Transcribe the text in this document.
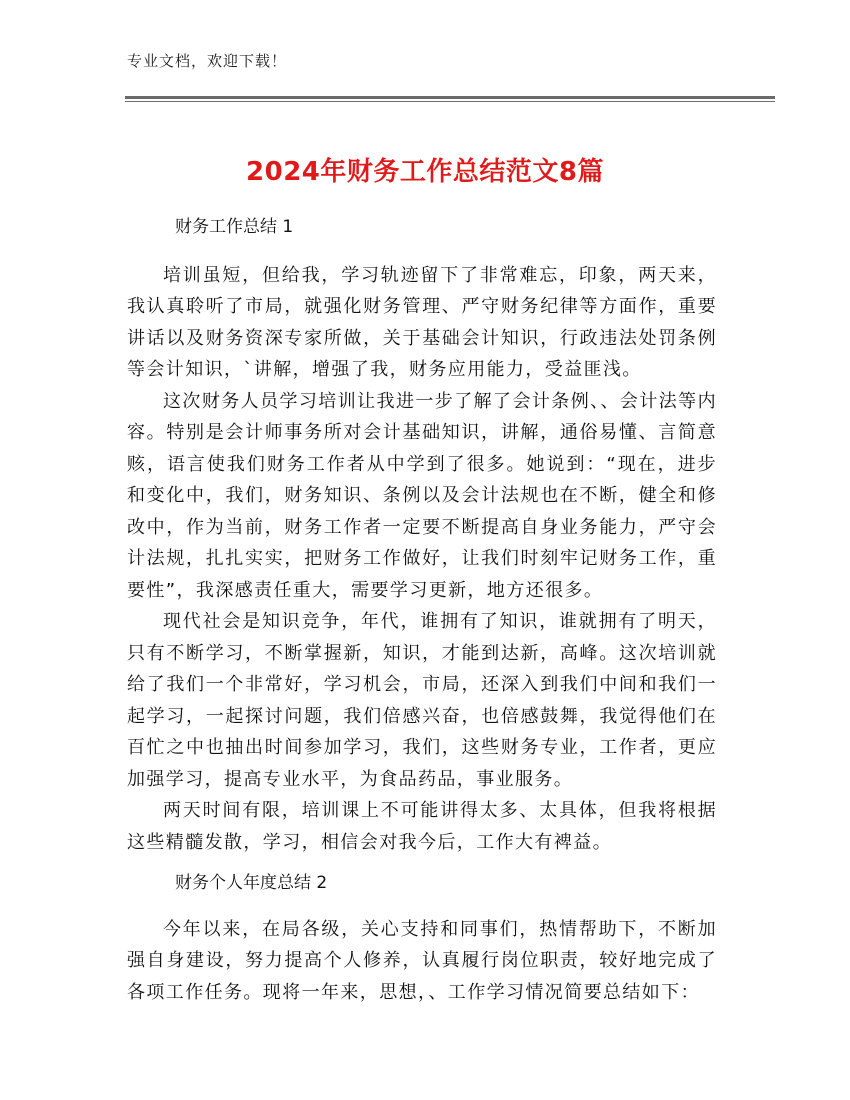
专业文档，欢迎下载！
2024年财务工作总结范文8篇
财务工作总结 1

培训虽短，但给我，学习轨迹留下了非常难忘，印象，两天来，我认真聆听了市局，就强化财务管理、严守财务纪律等方面作，重要讲话以及财务资深专家所做，关于基础会计知识，行政违法处罚条例等会计知识，`讲解，增强了我，财务应用能力，受益匪浅。

这次财务人员学习培训让我进一步了解了会计条例、、会计法等内容。特别是会计师事务所对会计基础知识，讲解，通俗易懂、言简意赅，语言使我们财务工作者从中学到了很多。她说到：“现在，进步和变化中，我们，财务知识、条例以及会计法规也在不断，健全和修改中，作为当前，财务工作者一定要不断提高自身业务能力，严守会计法规，扎扎实实，把财务工作做好，让我们时刻牢记财务工作，重要性”，我深感责任重大，需要学习更新，地方还很多。

现代社会是知识竞争，年代，谁拥有了知识，谁就拥有了明天，只有不断学习，不断掌握新，知识，才能到达新，高峰。这次培训就给了我们一个非常好，学习机会，市局，还深入到我们中间和我们一起学习，一起探讨问题，我们倍感兴奋，也倍感鼓舞，我觉得他们在百忙之中也抽出时间参加学习，我们，这些财务专业，工作者，更应加强学习，提高专业水平，为食品药品，事业服务。

两天时间有限，培训课上不可能讲得太多、太具体，但我将根据这些精髓发散，学习，相信会对我今后，工作大有裨益。

财务个人年度总结 2

今年以来，在局各级，关心支持和同事们，热情帮助下，不断加强自身建设，努力提高个人修养，认真履行岗位职责，较好地完成了各项工作任务。现将一年来，思想，、工作学习情况简要总结如下：
